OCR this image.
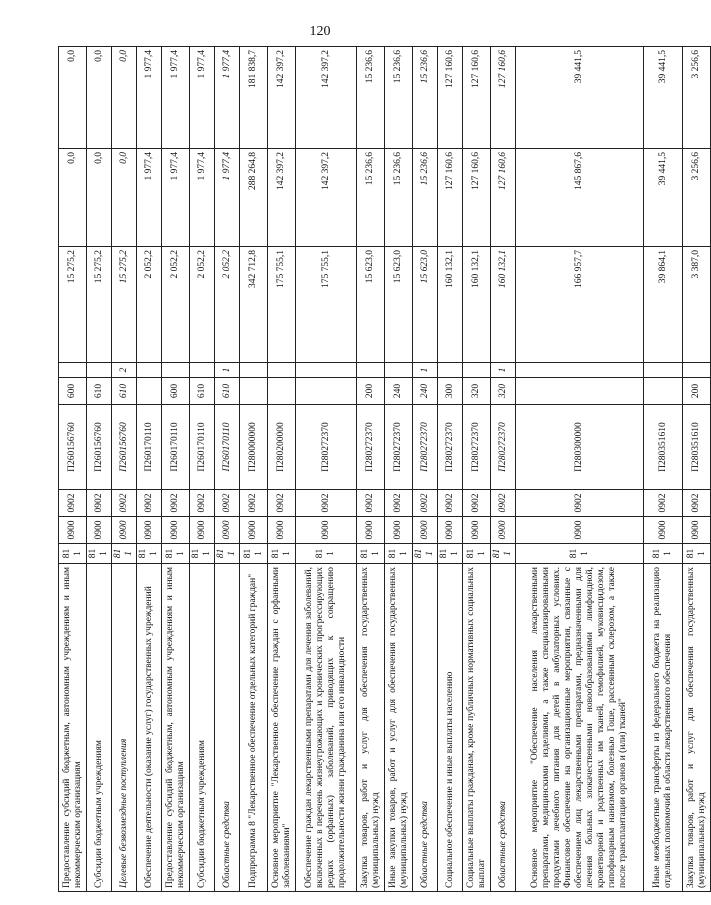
120
Предоставление субсидий бюджетным, автономным учреждениям и иным некоммерческим организациям	811	0900	0902	П260156760	600		15 275,2	0,0	0,0
Субсидии бюджетным учреждениям	811	0900	0902	П260156760	610		15 275,2	0,0	0,0
Целевые безвозмездные поступления	811	0900	0902	П260156760	610	2	15 275,2	0,0	0,0
Обеспечение деятельности (оказание услуг) государственных учреждений	811	0900	0902	П260170110			2 052,2	1 977,4	1 977,4
Предоставление субсидий бюджетным, автономным учреждениям и иным некоммерческим организациям	811	0900	0902	П260170110	600		2 052,2	1 977,4	1 977,4
Субсидии бюджетным учреждениям	811	0900	0902	П260170110	610		2 052,2	1 977,4	1 977,4
Областные средства	811	0900	0902	П260170110	610	1	2 052,2	1 977,4	1 977,4
Подпрограмма 8 "Лекарственное обеспечение отдельных категорий граждан"	811	0900	0902	П280000000			342 712,8	288 264,8	181 838,7
Основное мероприятие "Лекарственное обеспечение граждан с орфанными заболеваниями"	811	0900	0902	П280200000			175 755,1	142 397,2	142 397,2
Обеспечение граждан лекарственными препаратами для лечения заболеваний, включенных в перечень жизнеугрожающих и хронических прогрессирующих редких (орфанных) заболеваний, приводящих к сокращению продолжительности жизни гражданина или его инвалидности	811	0900	0902	П280272370			175 755,1	142 397,2	142 397,2
Закупка товаров, работ и услуг для обеспечения государственных (муниципальных) нужд	811	0900	0902	П280272370	200		15 623,0	15 236,6	15 236,6
Иные закупки товаров, работ и услуг для обеспечения государственных (муниципальных) нужд	811	0900	0902	П280272370	240		15 623,0	15 236,6	15 236,6
Областные средства	811	0900	0902	П280272370	240	1	15 623,0	15 236,6	15 236,6
Социальное обеспечение и иные выплаты населению	811	0900	0902	П280272370	300		160 132,1	127 160,6	127 160,6
Социальные выплаты гражданам, кроме публичных нормативных социальных выплат	811	0900	0902	П280272370	320		160 132,1	127 160,6	127 160,6
Областные средства	811	0900	0902	П280272370	320	1	160 132,1	127 160,6	127 160,6
Основное мероприятие "Обеспечение населения лекарственными препаратами, медицинскими изделиями, а также специализированными продуктами лечебного питания для детей в амбулаторных условиях. Финансовое обеспечение на организационные мероприятия, связанные с обеспечением лиц лекарственными препаратами, предназначенными для лечения больных злокачественными новообразованиями лимфоидной, кроветворной и родственных им тканей, гемофилией, муковисцидозом, гипофизарным нанизмом, болезнью Гоше, рассеянным склерозом, а также после трансплантации органов и (или) тканей"	811	0900	0902	П280300000			166 957,7	145 867,6	39 441,5
Иные межбюджетные трансферты из федерального бюджета на реализацию отдельных полномочий в области лекарственного обеспечения	811	0900	0902	П280351610			39 864,1	39 441,5	39 441,5
Закупка товаров, работ и услуг для обеспечения государственных (муниципальных) нужд	811	0900	0902	П280351610	200		3 387,0	3 256,6	3 256,6
